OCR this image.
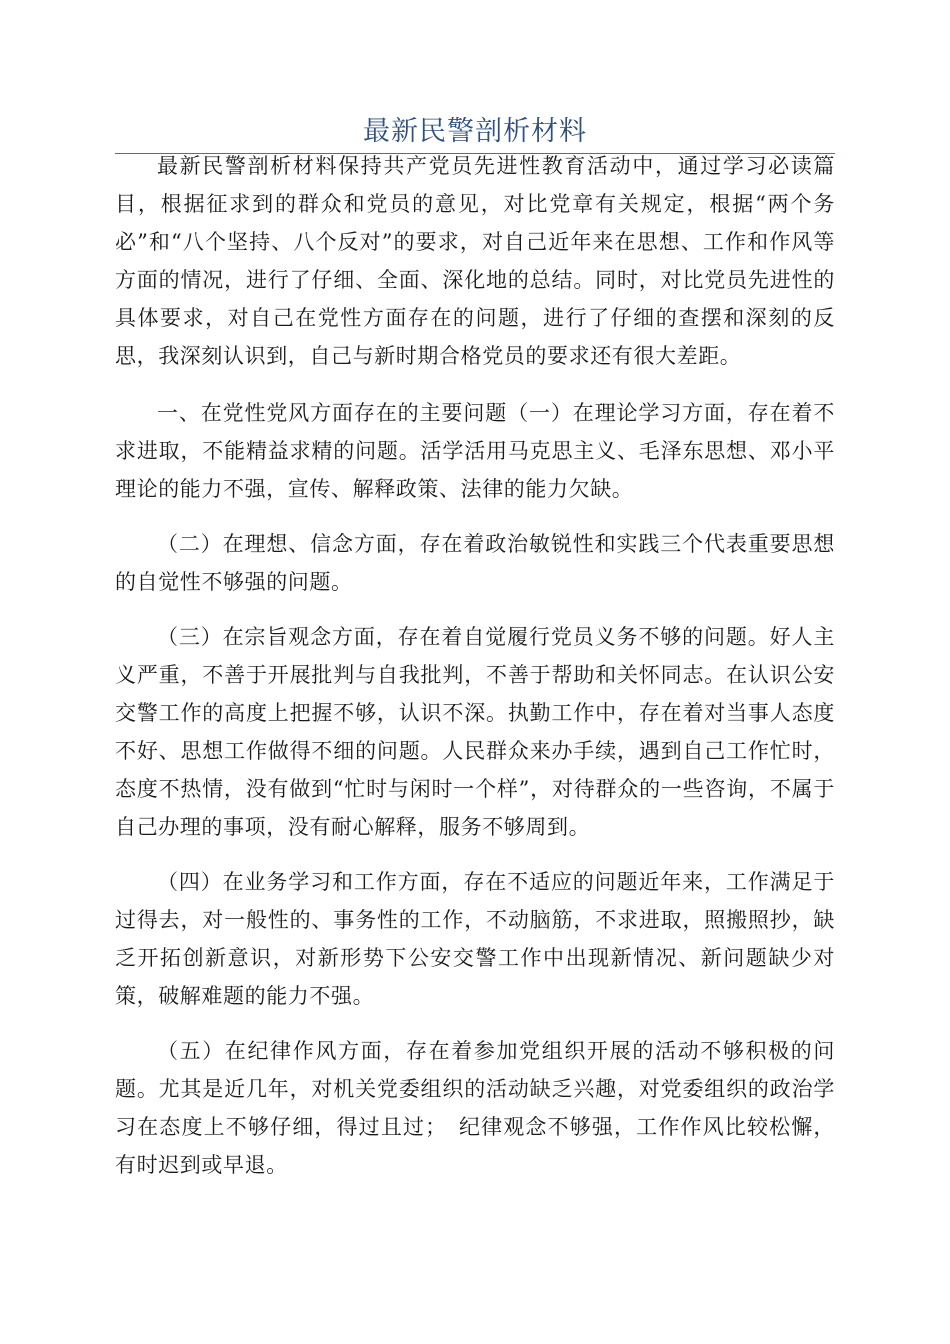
最新民警剖析材料

最新民警剖析材料保持共产党员先进性教育活动中，通过学习必读篇目，根据征求到的群众和党员的意见，对比党章有关规定，根据“两个务必”和“八个坚持、八个反对”的要求，对自己近年来在思想、工作和作风等方面的情况，进行了仔细、全面、深化地的总结。同时，对比党员先进性的具体要求，对自己在党性方面存在的问题，进行了仔细的查摆和深刻的反思，我深刻认识到，自己与新时期合格党员的要求还有很大差距。

一、在党性党风方面存在的主要问题（一）在理论学习方面，存在着不求进取，不能精益求精的问题。活学活用马克思主义、毛泽东思想、邓小平理论的能力不强，宣传、解释政策、法律的能力欠缺。

（二）在理想、信念方面，存在着政治敏锐性和实践三个代表重要思想的自觉性不够强的问题。

（三）在宗旨观念方面，存在着自觉履行党员义务不够的问题。好人主义严重，不善于开展批判与自我批判，不善于帮助和关怀同志。在认识公安交警工作的高度上把握不够，认识不深。执勤工作中，存在着对当事人态度不好、思想工作做得不细的问题。人民群众来办手续，遇到自己工作忙时，态度不热情，没有做到“忙时与闲时一个样”，对待群众的一些咨询，不属于自己办理的事项，没有耐心解释，服务不够周到。

（四）在业务学习和工作方面，存在不适应的问题近年来，工作满足于过得去，对一般性的、事务性的工作，不动脑筋，不求进取，照搬照抄，缺乏开拓创新意识，对新形势下公安交警工作中出现新情况、新问题缺少对策，破解难题的能力不强。

（五）在纪律作风方面，存在着参加党组织开展的活动不够积极的问题。尤其是近几年，对机关党委组织的活动缺乏兴趣，对党委组织的政治学习在态度上不够仔细，得过且过；　纪律观念不够强，工作作风比较松懈，有时迟到或早退。
